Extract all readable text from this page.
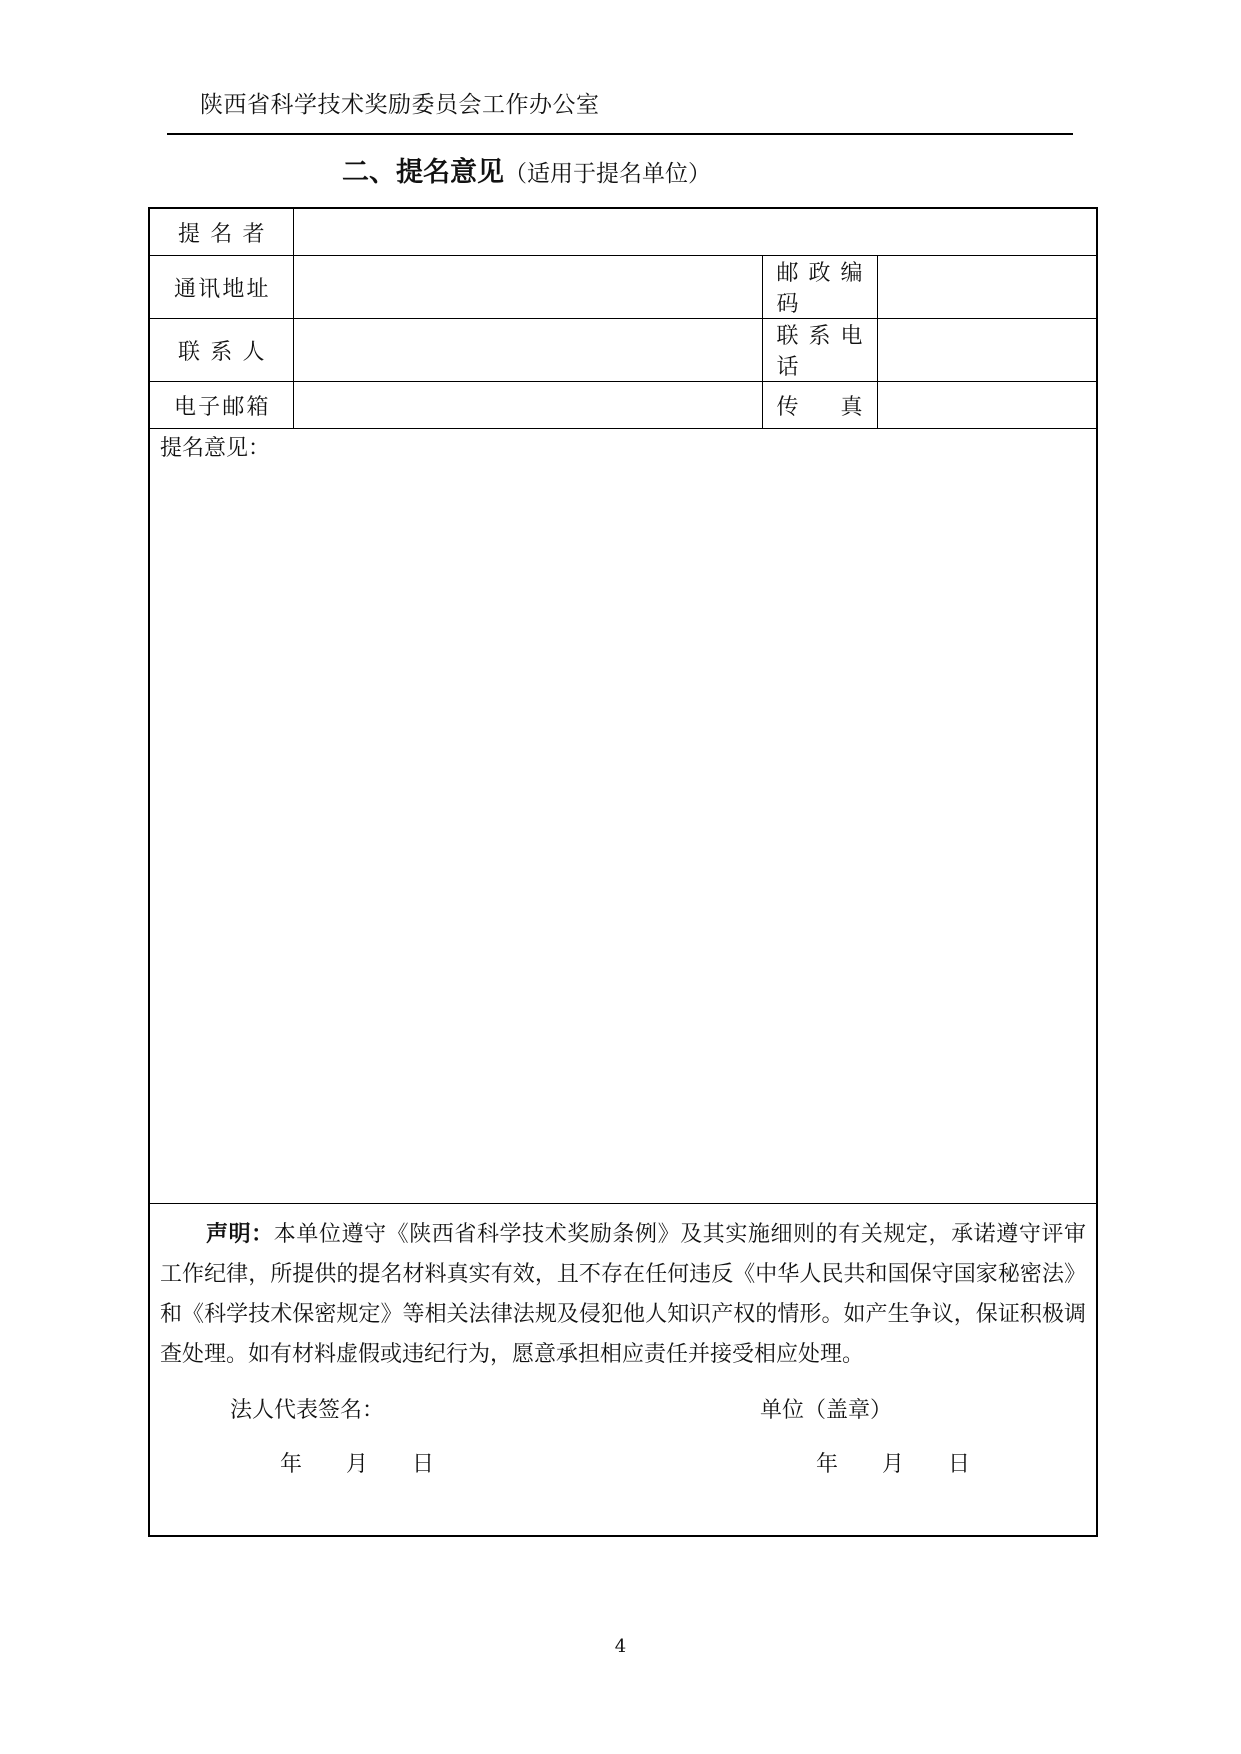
陕西省科学技术奖励委员会工作办公室
二、提名意见（适用于提名单位）
提名者			
通讯地址		邮政编码	
联系人		联系电话	
电子邮箱		传真	
提名意见：			

声明：本单位遵守《陕西省科学技术奖励条例》及其实施细则的有关规定，承诺遵守评审工作纪律，所提供的提名材料真实有效，且不存在任何违反《中华人民共和国保守国家秘密法》和《科学技术保密规定》等相关法律法规及侵犯他人知识产权的情形。如产生争议，保证积极调查处理。如有材料虚假或违纪行为，愿意承担相应责任并接受相应处理。

法人代表签名： 单位（盖章）
年 月 日 年 月 日			
4
